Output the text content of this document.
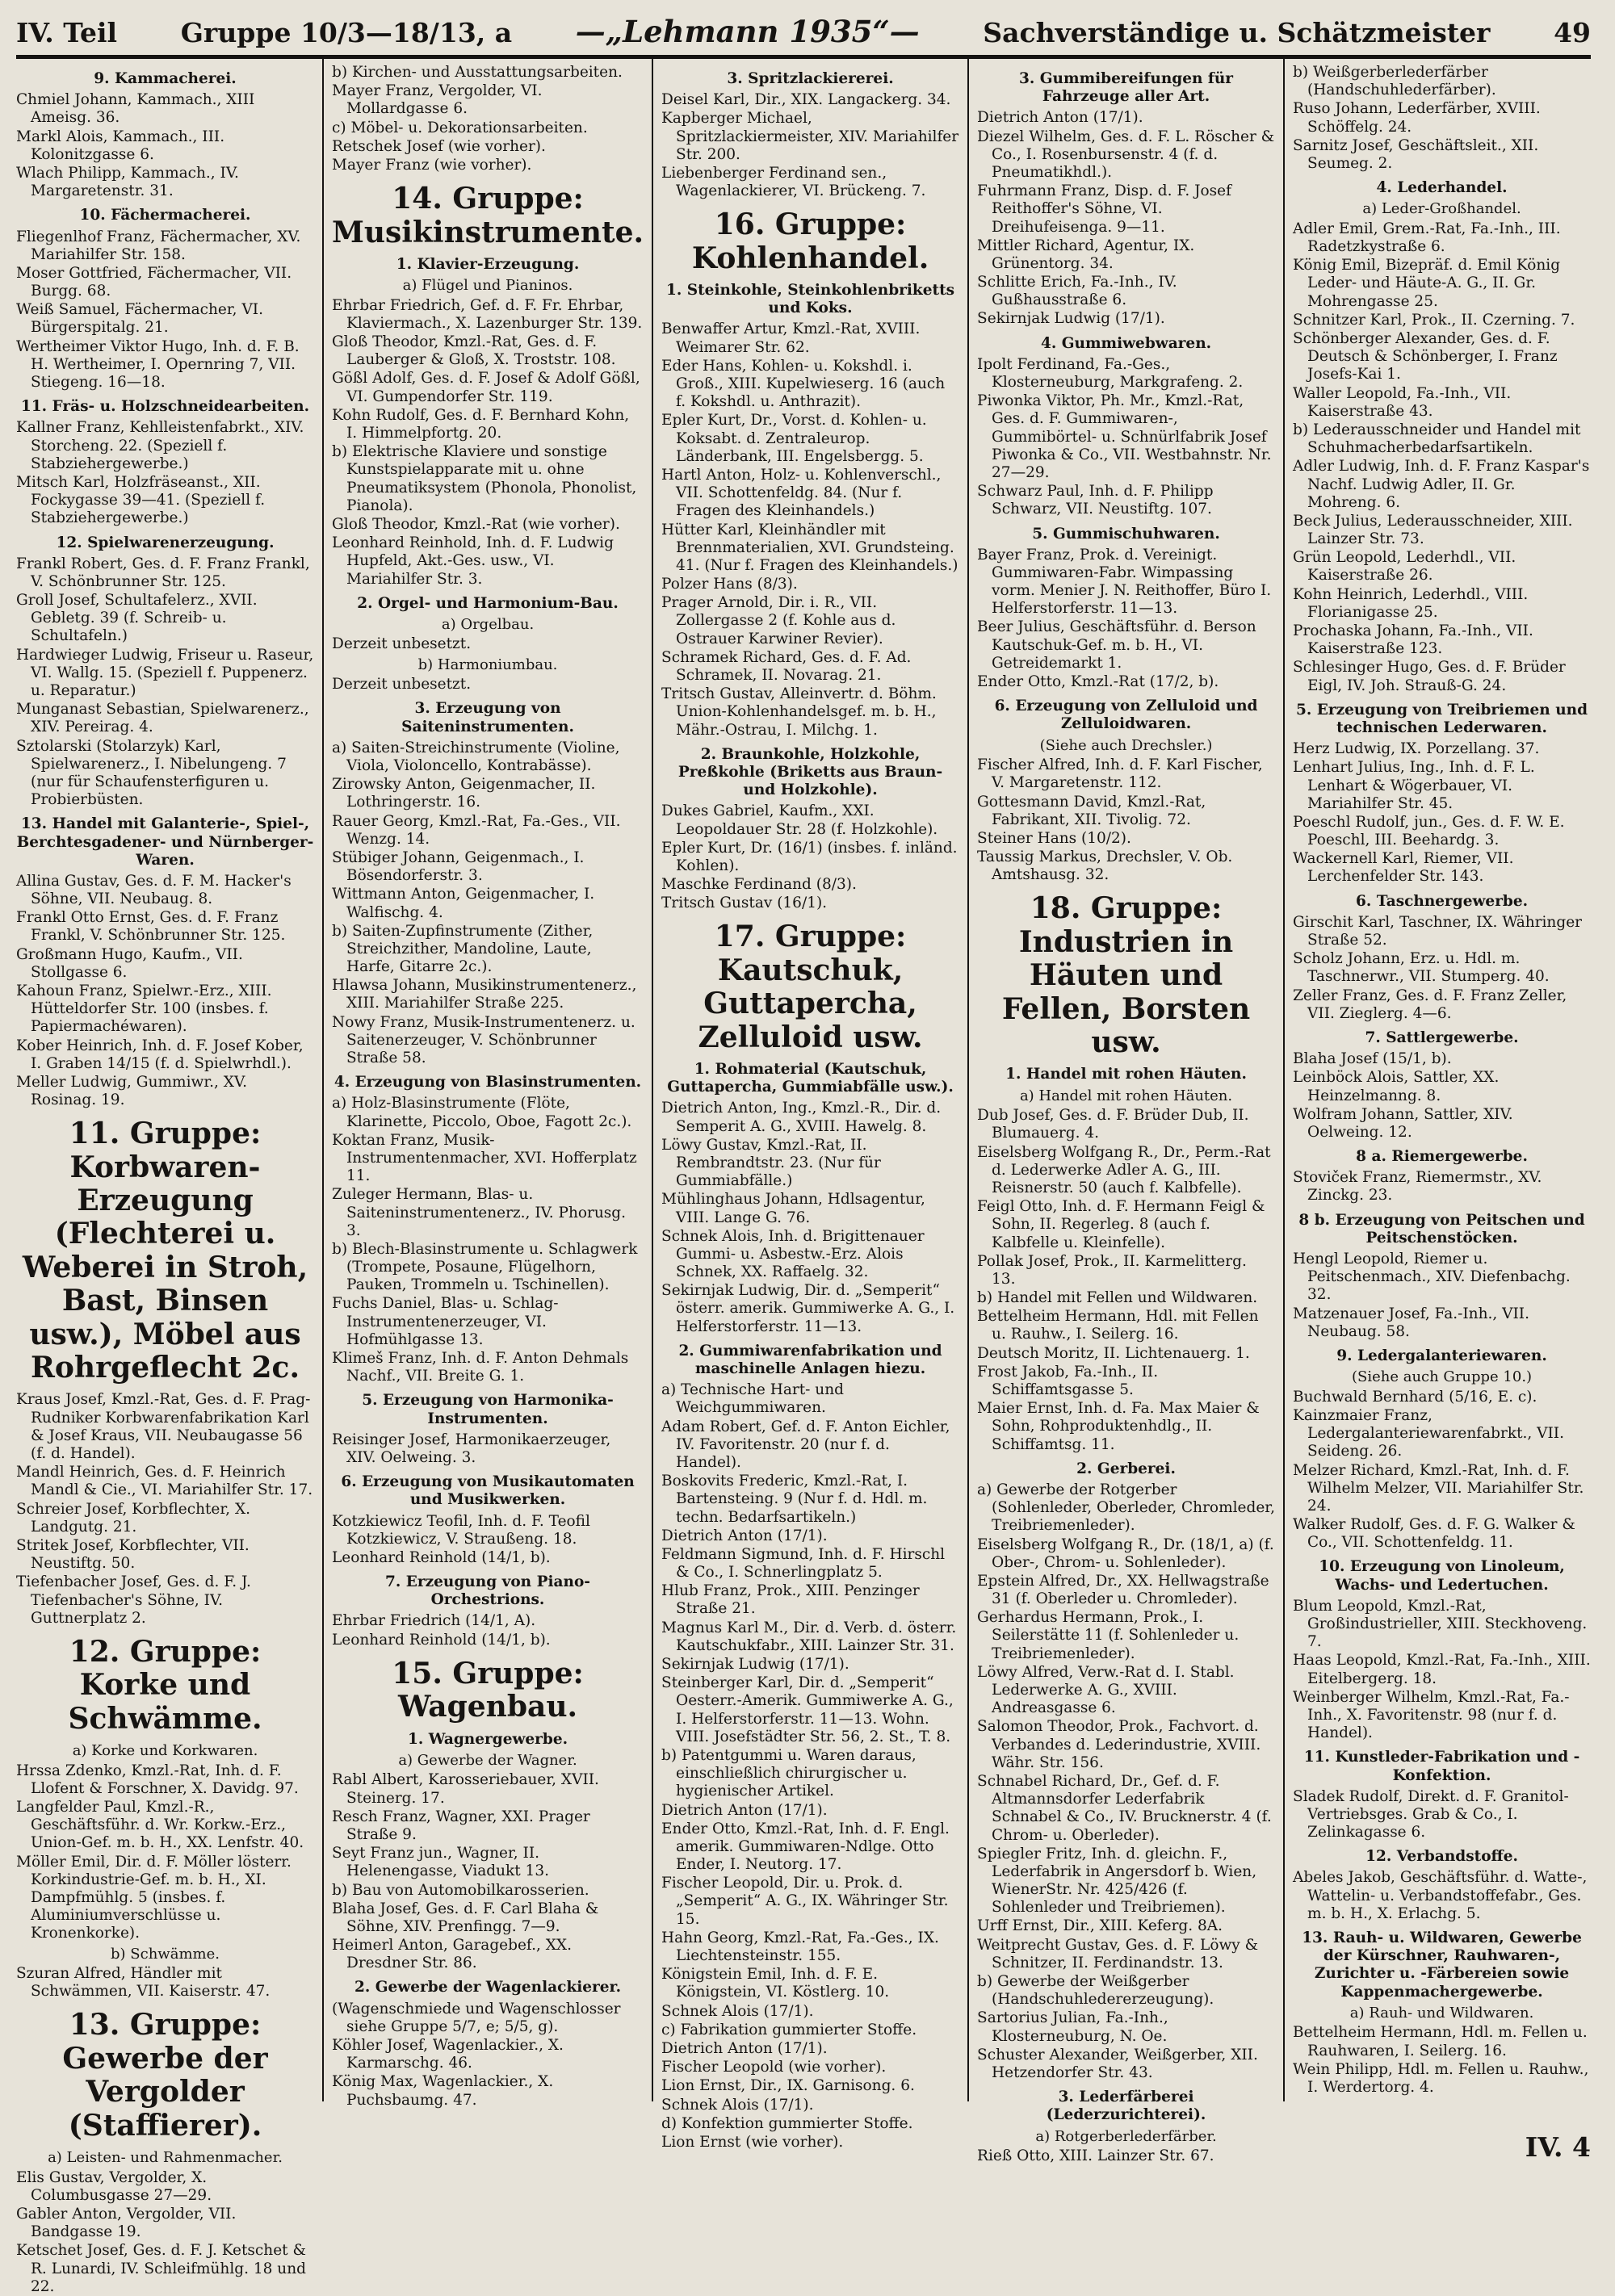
IV. Teil Gruppe 10/3—18/13, a —„Lehmann 1935“— Sachverständige u. Schätzmeister 49
9. Kammacherei.
Chmiel Johann, Kammach., XIII Ameisg. 36.
Markl Alois, Kammach., III. Kolonitzgasse 6.
Wlach Philipp, Kammach., IV. Margaretenstr. 31.
10. Fächermacherei.
Fliegenlhof Franz, Fächermacher, XV. Mariahilfer Str. 158.
Moser Gottfried, Fächermacher, VII. Burgg. 68.
Weiß Samuel, Fächermacher, VI. Bürgerspitalg. 21.
Wertheimer Viktor Hugo, Inh. d. F. B. H. Wertheimer, I. Opernring 7, VII. Stiegeng. 16—18.
11. Fräs- u. Holzschneidearbeiten.
Kallner Franz, Kehlleistenfabrkt., XIV. Storcheng. 22. (Speziell f. Stabziehergewerbe.)
Mitsch Karl, Holzfräseanst., XII. Fockygasse 39—41. (Speziell f. Stabziehergewerbe.)
12. Spielwarenerzeugung.
Frankl Robert, Ges. d. F. Franz Frankl, V. Schönbrunner Str. 125.
Groll Josef, Schultafelerz., XVII. Gebletg. 39 (f. Schreib- u. Schultafeln.)
Hardwieger Ludwig, Friseur u. Raseur, VI. Wallg. 15. (Speziell f. Puppenerz. u. Reparatur.)
Munganast Sebastian, Spielwarenerz., XIV. Pereirag. 4.
Sztolarski (Stolarzyk) Karl, Spielwarenerz., I. Nibelungeng. 7 (nur für Schaufensterfiguren u. Probierbüsten.
13. Handel mit Galanterie-, Spiel-, Berchtesgadener- und Nürnberger-Waren.
Allina Gustav, Ges. d. F. M. Hacker's Söhne, VII. Neubaug. 8.
Frankl Otto Ernst, Ges. d. F. Franz Frankl, V. Schönbrunner Str. 125.
Großmann Hugo, Kaufm., VII. Stollgasse 6.
Kahoun Franz, Spielwr.-Erz., XIII. Hütteldorfer Str. 100 (insbes. f. Papiermachéwaren).
Kober Heinrich, Inh. d. F. Josef Kober, I. Graben 14/15 (f. d. Spielwrhdl.).
Meller Ludwig, Gummiwr., XV. Rosinag. 19.
11. Gruppe: Korbwaren-Erzeugung (Flechterei u. Weberei in Stroh, Bast, Binsen usw.), Möbel aus Rohrgeflecht 2c.
Kraus Josef, Kmzl.-Rat, Ges. d. F. Prag-Rudniker Korbwarenfabrikation Karl & Josef Kraus, VII. Neubaugasse 56 (f. d. Handel).
Mandl Heinrich, Ges. d. F. Heinrich Mandl & Cie., VI. Mariahilfer Str. 17.
Schreier Josef, Korbflechter, X. Landgutg. 21.
Stritek Josef, Korbflechter, VII. Neustiftg. 50.
Tiefenbacher Josef, Ges. d. F. J. Tiefenbacher's Söhne, IV. Guttnerplatz 2.
12. Gruppe: Korke und Schwämme.
a) Korke und Korkwaren.
Hrssa Zdenko, Kmzl.-Rat, Inh. d. F. Llofent & Forschner, X. Davidg. 97.
Langfelder Paul, Kmzl.-R., Geschäftsführ. d. Wr. Korkw.-Erz., Union-Gef. m. b. H., XX. Lenfstr. 40.
Möller Emil, Dir. d. F. Möller lösterr. Korkindustrie-Gef. m. b. H., XI. Dampfmühlg. 5 (insbes. f. Aluminiumverschlüsse u. Kronenkorke).
b) Schwämme.
Szuran Alfred, Händler mit Schwämmen, VII. Kaiserstr. 47.
13. Gruppe: Gewerbe der Vergolder (Staffierer).
a) Leisten- und Rahmenmacher.
Elis Gustav, Vergolder, X. Columbusgasse 27—29.
Gabler Anton, Vergolder, VII. Bandgasse 19.
Ketschet Josef, Ges. d. F. J. Ketschet & R. Lunardi, IV. Schleifmühlg. 18 und 22.
b) Kirchen- und Ausstattungsarbeiten.
Mayer Franz, Vergolder, VI. Mollardgasse 6.
c) Möbel- u. Dekorationsarbeiten.
Retschek Josef (wie vorher).
Mayer Franz (wie vorher).
14. Gruppe: Musikinstrumente.
1. Klavier-Erzeugung.
a) Flügel und Pianinos.
Ehrbar Friedrich, Gef. d. F. Fr. Ehrbar, Klaviermach., X. Lazenburger Str. 139.
Gloß Theodor, Kmzl.-Rat, Ges. d. F. Lauberger & Gloß, X. Troststr. 108.
Gößl Adolf, Ges. d. F. Josef & Adolf Gößl, VI. Gumpendorfer Str. 119.
Kohn Rudolf, Ges. d. F. Bernhard Kohn, I. Himmelpfortg. 20.
b) Elektrische Klaviere und sonstige Kunstspielapparate mit u. ohne Pneumatiksystem (Phonola, Phonolist, Pianola).
Gloß Theodor, Kmzl.-Rat (wie vorher).
Leonhard Reinhold, Inh. d. F. Ludwig Hupfeld, Akt.-Ges. usw., VI. Mariahilfer Str. 3.
2. Orgel- und Harmonium-Bau.
a) Orgelbau.
Derzeit unbesetzt.
b) Harmoniumbau.
Derzeit unbesetzt.
3. Erzeugung von Saiteninstrumenten.
a) Saiten-Streichinstrumente (Violine, Viola, Violoncello, Kontrabässe).
Zirowsky Anton, Geigenmacher, II. Lothringerstr. 16.
Rauer Georg, Kmzl.-Rat, Fa.-Ges., VII. Wenzg. 14.
Stübiger Johann, Geigenmach., I. Bösendorferstr. 3.
Wittmann Anton, Geigenmacher, I. Walfischg. 4.
b) Saiten-Zupfinstrumente (Zither, Streichzither, Mandoline, Laute, Harfe, Gitarre 2c.).
Hlawsa Johann, Musikinstrumentenerz., XIII. Mariahilfer Straße 225.
Nowy Franz, Musik-Instrumentenerz. u. Saitenerzeuger, V. Schönbrunner Straße 58.
4. Erzeugung von Blasinstrumenten.
a) Holz-Blasinstrumente (Flöte, Klarinette, Piccolo, Oboe, Fagott 2c.).
Koktan Franz, Musik-Instrumentenmacher, XVI. Hofferplatz 11.
Zuleger Hermann, Blas- u. Saiteninstrumentenerz., IV. Phorusg. 3.
b) Blech-Blasinstrumente u. Schlagwerk (Trompete, Posaune, Flügelhorn, Pauken, Trommeln u. Tschinellen).
Fuchs Daniel, Blas- u. Schlag-Instrumentenerzeuger, VI. Hofmühlgasse 13.
Klimeš Franz, Inh. d. F. Anton Dehmals Nachf., VII. Breite G. 1.
5. Erzeugung von Harmonika-Instrumenten.
Reisinger Josef, Harmonikaerzeuger, XIV. Oelweing. 3.
6. Erzeugung von Musikautomaten und Musikwerken.
Kotzkiewicz Teofil, Inh. d. F. Teofil Kotzkiewicz, V. Straußeng. 18.
Leonhard Reinhold (14/1, b).
7. Erzeugung von Piano-Orchestrions.
Ehrbar Friedrich (14/1, A).
Leonhard Reinhold (14/1, b).
15. Gruppe: Wagenbau.
1. Wagnergewerbe.
a) Gewerbe der Wagner.
Rabl Albert, Karosseriebauer, XVII. Steinerg. 17.
Resch Franz, Wagner, XXI. Prager Straße 9.
Seyt Franz jun., Wagner, II. Helenengasse, Viadukt 13.
b) Bau von Automobilkarosserien.
Blaha Josef, Ges. d. F. Carl Blaha & Söhne, XIV. Prenfingg. 7—9.
Heimerl Anton, Garagebef., XX. Dresdner Str. 86.
2. Gewerbe der Wagenlackierer.
(Wagenschmiede und Wagenschlosser siehe Gruppe 5/7, e; 5/5, g).
Köhler Josef, Wagenlackier., X. Karmarschg. 46.
König Max, Wagenlackier., X. Puchsbaumg. 47.
3. Spritzlackiererei.
Deisel Karl, Dir., XIX. Langackerg. 34.
Kapberger Michael, Spritzlackiermeister, XIV. Mariahilfer Str. 200.
Liebenberger Ferdinand sen., Wagenlackierer, VI. Brückeng. 7.
16. Gruppe: Kohlenhandel.
1. Steinkohle, Steinkohlenbriketts und Koks.
Benwaffer Artur, Kmzl.-Rat, XVIII. Weimarer Str. 62.
Eder Hans, Kohlen- u. Kokshdl. i. Groß., XIII. Kupelwieserg. 16 (auch f. Kokshdl. u. Anthrazit).
Epler Kurt, Dr., Vorst. d. Kohlen- u. Koksabt. d. Zentraleurop. Länderbank, III. Engelsbergg. 5.
Hartl Anton, Holz- u. Kohlenverschl., VII. Schottenfeldg. 84. (Nur f. Fragen des Kleinhandels.)
Hütter Karl, Kleinhändler mit Brennmaterialien, XVI. Grundsteing. 41. (Nur f. Fragen des Kleinhandels.)
Polzer Hans (8/3).
Prager Arnold, Dir. i. R., VII. Zollergasse 2 (f. Kohle aus d. Ostrauer Karwiner Revier).
Schramek Richard, Ges. d. F. Ad. Schramek, II. Novarag. 21.
Tritsch Gustav, Alleinvertr. d. Böhm. Union-Kohlenhandelsgef. m. b. H., Mähr.-Ostrau, I. Milchg. 1.
2. Braunkohle, Holzkohle, Preßkohle (Briketts aus Braun- und Holzkohle).
Dukes Gabriel, Kaufm., XXI. Leopoldauer Str. 28 (f. Holzkohle).
Epler Kurt, Dr. (16/1) (insbes. f. inländ. Kohlen).
Maschke Ferdinand (8/3).
Tritsch Gustav (16/1).
17. Gruppe: Kautschuk, Guttapercha, Zelluloid usw.
1. Rohmaterial (Kautschuk, Guttapercha, Gummiabfälle usw.).
Dietrich Anton, Ing., Kmzl.-R., Dir. d. Semperit A. G., XVIII. Hawelg. 8.
Löwy Gustav, Kmzl.-Rat, II. Rembrandtstr. 23. (Nur für Gummiabfälle.)
Mühlinghaus Johann, Hdlsagentur, VIII. Lange G. 76.
Schnek Alois, Inh. d. Brigittenauer Gummi- u. Asbestw.-Erz. Alois Schnek, XX. Raffaelg. 32.
Sekirnjak Ludwig, Dir. d. „Semperit“ österr. amerik. Gummiwerke A. G., I. Helferstorferstr. 11—13.
2. Gummiwarenfabrikation und maschinelle Anlagen hiezu.
a) Technische Hart- und Weichgummiwaren.
Adam Robert, Gef. d. F. Anton Eichler, IV. Favoritenstr. 20 (nur f. d. Handel).
Boskovits Frederic, Kmzl.-Rat, I. Bartensteing. 9 (Nur f. d. Hdl. m. techn. Bedarfsartikeln.)
Dietrich Anton (17/1).
Feldmann Sigmund, Inh. d. F. Hirschl & Co., I. Schnerlingplatz 5.
Hlub Franz, Prok., XIII. Penzinger Straße 21.
Magnus Karl M., Dir. d. Verb. d. österr. Kautschukfabr., XIII. Lainzer Str. 31.
Sekirnjak Ludwig (17/1).
Steinberger Karl, Dir. d. „Semperit“ Oesterr.-Amerik. Gummiwerke A. G., I. Helferstorferstr. 11—13. Wohn. VIII. Josefstädter Str. 56, 2. St., T. 8.
b) Patentgummi u. Waren daraus, einschließlich chirurgischer u. hygienischer Artikel.
Dietrich Anton (17/1).
Ender Otto, Kmzl.-Rat, Inh. d. F. Engl. amerik. Gummiwaren-Ndlge. Otto Ender, I. Neutorg. 17.
Fischer Leopold, Dir. u. Prok. d. „Semperit“ A. G., IX. Währinger Str. 15.
Hahn Georg, Kmzl.-Rat, Fa.-Ges., IX. Liechtensteinstr. 155.
Königstein Emil, Inh. d. F. E. Königstein, VI. Köstlerg. 10.
Schnek Alois (17/1).
c) Fabrikation gummierter Stoffe.
Dietrich Anton (17/1).
Fischer Leopold (wie vorher).
Lion Ernst, Dir., IX. Garnisong. 6.
Schnek Alois (17/1).
d) Konfektion gummierter Stoffe.
Lion Ernst (wie vorher).
3. Gummibereifungen für Fahrzeuge aller Art.
Dietrich Anton (17/1).
Diezel Wilhelm, Ges. d. F. L. Röscher & Co., I. Rosenbursenstr. 4 (f. d. Pneumatikhdl.).
Fuhrmann Franz, Disp. d. F. Josef Reithoffer's Söhne, VI. Dreihufeisenga. 9—11.
Mittler Richard, Agentur, IX. Grünentorg. 34.
Schlitte Erich, Fa.-Inh., IV. Gußhausstraße 6.
Sekirnjak Ludwig (17/1).
4. Gummiwebwaren.
Ipolt Ferdinand, Fa.-Ges., Klosterneuburg, Markgrafeng. 2.
Piwonka Viktor, Ph. Mr., Kmzl.-Rat, Ges. d. F. Gummiwaren-, Gummibörtel- u. Schnürlfabrik Josef Piwonka & Co., VII. Westbahnstr. Nr. 27—29.
Schwarz Paul, Inh. d. F. Philipp Schwarz, VII. Neustiftg. 107.
5. Gummischuhwaren.
Bayer Franz, Prok. d. Vereinigt. Gummiwaren-Fabr. Wimpassing vorm. Menier J. N. Reithoffer, Büro I. Helferstorferstr. 11—13.
Beer Julius, Geschäftsführ. d. Berson Kautschuk-Gef. m. b. H., VI. Getreidemarkt 1.
Ender Otto, Kmzl.-Rat (17/2, b).
6. Erzeugung von Zelluloid und Zelluloidwaren.
(Siehe auch Drechsler.)
Fischer Alfred, Inh. d. F. Karl Fischer, V. Margaretenstr. 112.
Gottesmann David, Kmzl.-Rat, Fabrikant, XII. Tivolig. 72.
Steiner Hans (10/2).
Taussig Markus, Drechsler, V. Ob. Amtshausg. 32.
18. Gruppe: Industrien in Häuten und Fellen, Borsten usw.
1. Handel mit rohen Häuten.
a) Handel mit rohen Häuten.
Dub Josef, Ges. d. F. Brüder Dub, II. Blumauerg. 4.
Eiselsberg Wolfgang R., Dr., Perm.-Rat d. Lederwerke Adler A. G., III. Reisnerstr. 50 (auch f. Kalbfelle).
Feigl Otto, Inh. d. F. Hermann Feigl & Sohn, II. Regerleg. 8 (auch f. Kalbfelle u. Kleinfelle).
Pollak Josef, Prok., II. Karmelitterg. 13.
b) Handel mit Fellen und Wildwaren.
Bettelheim Hermann, Hdl. mit Fellen u. Rauhw., I. Seilerg. 16.
Deutsch Moritz, II. Lichtenauerg. 1.
Frost Jakob, Fa.-Inh., II. Schiffamtsgasse 5.
Maier Ernst, Inh. d. Fa. Max Maier & Sohn, Rohproduktenhdlg., II. Schiffamtsg. 11.
2. Gerberei.
a) Gewerbe der Rotgerber (Sohlenleder, Oberleder, Chromleder, Treibriemenleder).
Eiselsberg Wolfgang R., Dr. (18/1, a) (f. Ober-, Chrom- u. Sohlenleder).
Epstein Alfred, Dr., XX. Hellwagstraße 31 (f. Oberleder u. Chromleder).
Gerhardus Hermann, Prok., I. Seilerstätte 11 (f. Sohlenleder u. Treibriemenleder).
Löwy Alfred, Verw.-Rat d. I. Stabl. Lederwerke A. G., XVIII. Andreasgasse 6.
Salomon Theodor, Prok., Fachvort. d. Verbandes d. Lederindustrie, XVIII. Währ. Str. 156.
Schnabel Richard, Dr., Gef. d. F. Altmannsdorfer Lederfabrik Schnabel & Co., IV. Brucknerstr. 4 (f. Chrom- u. Oberleder).
Spiegler Fritz, Inh. d. gleichn. F., Lederfabrik in Angersdorf b. Wien, WienerStr. Nr. 425/426 (f. Sohlenleder und Treibriemen).
Urff Ernst, Dir., XIII. Keferg. 8A.
Weitprecht Gustav, Ges. d. F. Löwy & Schnitzer, II. Ferdinandstr. 13.
b) Gewerbe der Weißgerber (Handschuhledererzeugung).
Sartorius Julian, Fa.-Inh., Klosterneuburg, N. Oe.
Schuster Alexander, Weißgerber, XII. Hetzendorfer Str. 43.
3. Lederfärberei (Lederzurichterei).
a) Rotgerberlederfärber.
Rieß Otto, XIII. Lainzer Str. 67.
b) Weißgerberlederfärber (Handschuhlederfärber).
Ruso Johann, Lederfärber, XVIII. Schöffelg. 24.
Sarnitz Josef, Geschäftsleit., XII. Seumeg. 2.
4. Lederhandel.
a) Leder-Großhandel.
Adler Emil, Grem.-Rat, Fa.-Inh., III. Radetzkystraße 6.
König Emil, Bizepräf. d. Emil König Leder- und Häute-A. G., II. Gr. Mohrengasse 25.
Schnitzer Karl, Prok., II. Czerning. 7.
Schönberger Alexander, Ges. d. F. Deutsch & Schönberger, I. Franz Josefs-Kai 1.
Waller Leopold, Fa.-Inh., VII. Kaiserstraße 43.
b) Lederausschneider und Handel mit Schuhmacherbedarfsartikeln.
Adler Ludwig, Inh. d. F. Franz Kaspar's Nachf. Ludwig Adler, II. Gr. Mohreng. 6.
Beck Julius, Lederausschneider, XIII. Lainzer Str. 73.
Grün Leopold, Lederhdl., VII. Kaiserstraße 26.
Kohn Heinrich, Lederhdl., VIII. Florianigasse 25.
Prochaska Johann, Fa.-Inh., VII. Kaiserstraße 123.
Schlesinger Hugo, Ges. d. F. Brüder Eigl, IV. Joh. Strauß-G. 24.
5. Erzeugung von Treibriemen und technischen Lederwaren.
Herz Ludwig, IX. Porzellang. 37.
Lenhart Julius, Ing., Inh. d. F. L. Lenhart & Wögerbauer, VI. Mariahilfer Str. 45.
Poeschl Rudolf, jun., Ges. d. F. W. E. Poeschl, III. Beehardg. 3.
Wackernell Karl, Riemer, VII. Lerchenfelder Str. 143.
6. Taschnergewerbe.
Girschit Karl, Taschner, IX. Währinger Straße 52.
Scholz Johann, Erz. u. Hdl. m. Taschnerwr., VII. Stumperg. 40.
Zeller Franz, Ges. d. F. Franz Zeller, VII. Zieglerg. 4—6.
7. Sattlergewerbe.
Blaha Josef (15/1, b).
Leinböck Alois, Sattler, XX. Heinzelmanng. 8.
Wolfram Johann, Sattler, XIV. Oelweing. 12.
8 a. Riemergewerbe.
Stoviček Franz, Riemermstr., XV. Zinckg. 23.
8 b. Erzeugung von Peitschen und Peitschenstöcken.
Hengl Leopold, Riemer u. Peitschenmach., XIV. Diefenbachg. 32.
Matzenauer Josef, Fa.-Inh., VII. Neubaug. 58.
9. Ledergalanteriewaren.
(Siehe auch Gruppe 10.)
Buchwald Bernhard (5/16, E. c).
Kainzmaier Franz, Ledergalanteriewarenfabrkt., VII. Seideng. 26.
Melzer Richard, Kmzl.-Rat, Inh. d. F. Wilhelm Melzer, VII. Mariahilfer Str. 24.
Walker Rudolf, Ges. d. F. G. Walker & Co., VII. Schottenfeldg. 11.
10. Erzeugung von Linoleum, Wachs- und Ledertuchen.
Blum Leopold, Kmzl.-Rat, Großindustrieller, XIII. Steckhoveng. 7.
Haas Leopold, Kmzl.-Rat, Fa.-Inh., XIII. Eitelbergerg. 18.
Weinberger Wilhelm, Kmzl.-Rat, Fa.-Inh., X. Favoritenstr. 98 (nur f. d. Handel).
11. Kunstleder-Fabrikation und -Konfektion.
Sladek Rudolf, Direkt. d. F. Granitol-Vertriebsges. Grab & Co., I. Zelinkagasse 6.
12. Verbandstoffe.
Abeles Jakob, Geschäftsführ. d. Watte-, Wattelin- u. Verbandstoffefabr., Ges. m. b. H., X. Erlachg. 5.
13. Rauh- u. Wildwaren, Gewerbe der Kürschner, Rauhwaren-, Zurichter u. -Färbereien sowie Kappenmachergewerbe.
a) Rauh- und Wildwaren.
Bettelheim Hermann, Hdl. m. Fellen u. Rauhwaren, I. Seilerg. 16.
Wein Philipp, Hdl. m. Fellen u. Rauhw., I. Werdertorg. 4.
IV. 4
